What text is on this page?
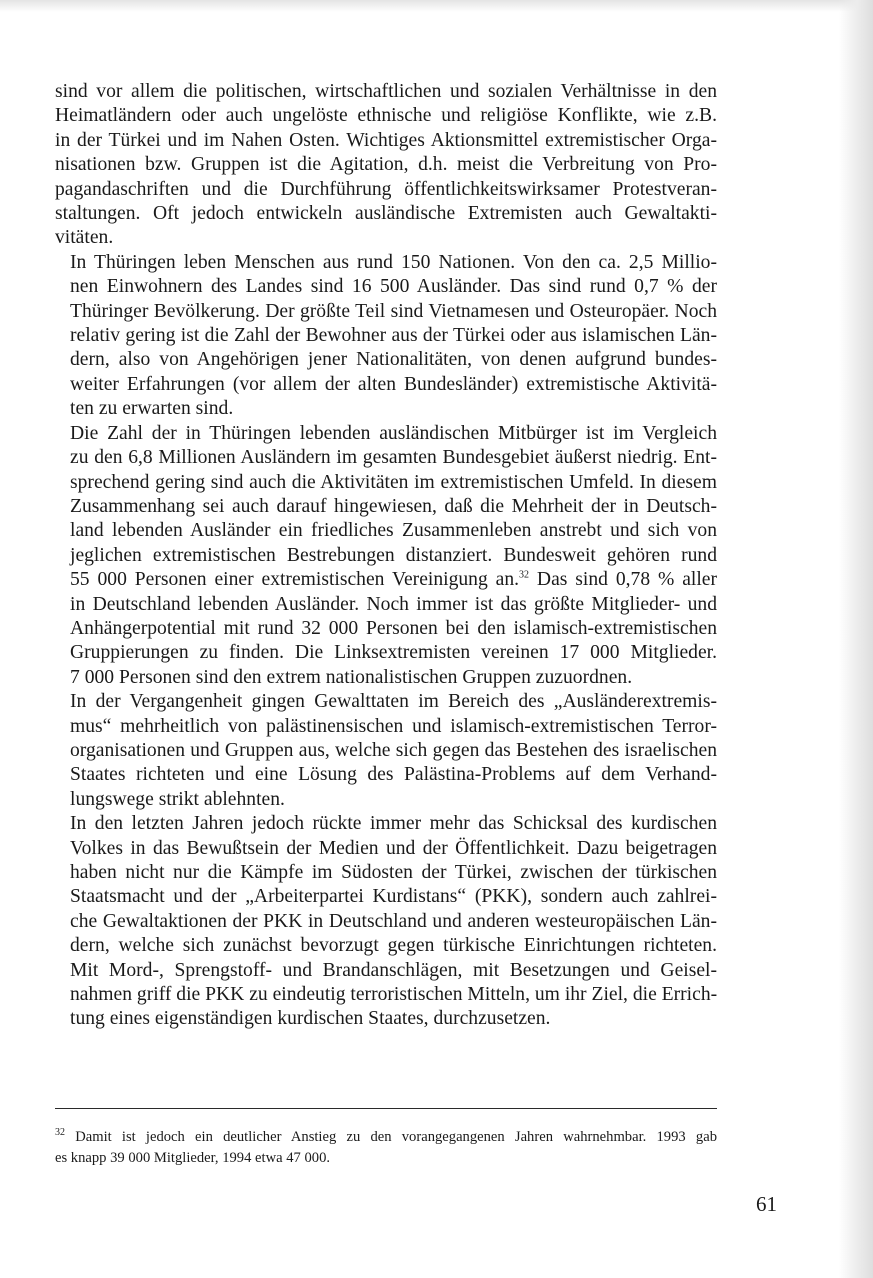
sind vor allem die politischen, wirtschaftlichen und sozialen Verhältnisse in den
Heimatländern oder auch ungelöste ethnische und religiöse Konflikte, wie z.B.
in der Türkei und im Nahen Osten. Wichtiges Aktionsmittel extremistischer Orga-
nisationen bzw. Gruppen ist die Agitation, d.h. meist die Verbreitung von Pro-
pagandaschriften und die Durchführung öffentlichkeitswirksamer Protestveran-
staltungen. Oft jedoch entwickeln ausländische Extremisten auch Gewaltakti-
vitäten.

In Thüringen leben Menschen aus rund 150 Nationen. Von den ca. 2,5 Millio-
nen Einwohnern des Landes sind 16 500 Ausländer. Das sind rund 0,7 % der
Thüringer Bevölkerung. Der größte Teil sind Vietnamesen und Osteuropäer. Noch
relativ gering ist die Zahl der Bewohner aus der Türkei oder aus islamischen Län-
dern, also von Angehörigen jener Nationalitäten, von denen aufgrund bundes-
weiter Erfahrungen (vor allem der alten Bundesländer) extremistische Aktivitä-
ten zu erwarten sind.

Die Zahl der in Thüringen lebenden ausländischen Mitbürger ist im Vergleich
zu den 6,8 Millionen Ausländern im gesamten Bundesgebiet äußerst niedrig. Ent-
sprechend gering sind auch die Aktivitäten im extremistischen Umfeld. In diesem
Zusammenhang sei auch darauf hingewiesen, daß die Mehrheit der in Deutsch-
land lebenden Ausländer ein friedliches Zusammenleben anstrebt und sich von
jeglichen extremistischen Bestrebungen distanziert. Bundesweit gehören rund
55 000 Personen einer extremistischen Vereinigung an.$^{32}$ Das sind 0,78 % aller
in Deutschland lebenden Ausländer. Noch immer ist das größte Mitglieder- und
Anhängerpotential mit rund 32 000 Personen bei den islamisch-extremistischen
Gruppierungen zu finden. Die Linksextremisten vereinen 17 000 Mitglieder.
7 000 Personen sind den extrem nationalistischen Gruppen zuzuordnen.

In der Vergangenheit gingen Gewalttaten im Bereich des „Ausländerextremis-
mus“ mehrheitlich von palästinensischen und islamisch-extremistischen Terror-
organisationen und Gruppen aus, welche sich gegen das Bestehen des israelischen
Staates richteten und eine Lösung des Palästina-Problems auf dem Verhand-
lungswege strikt ablehnten.

In den letzten Jahren jedoch rückte immer mehr das Schicksal des kurdischen
Volkes in das Bewußtsein der Medien und der Öffentlichkeit. Dazu beigetragen
haben nicht nur die Kämpfe im Südosten der Türkei, zwischen der türkischen
Staatsmacht und der „Arbeiterpartei Kurdistans“ (PKK), sondern auch zahlrei-
che Gewaltaktionen der PKK in Deutschland und anderen westeuropäischen Län-
dern, welche sich zunächst bevorzugt gegen türkische Einrichtungen richteten.
Mit Mord-, Sprengstoff- und Brandanschlägen, mit Besetzungen und Geisel-
nahmen griff die PKK zu eindeutig terroristischen Mitteln, um ihr Ziel, die Errich-
tung eines eigenständigen kurdischen Staates, durchzusetzen.

$^{32}$ Damit ist jedoch ein deutlicher Anstieg zu den vorangegangenen Jahren wahrnehmbar. 1993 gab
es knapp 39 000 Mitglieder, 1994 etwa 47 000.
61
